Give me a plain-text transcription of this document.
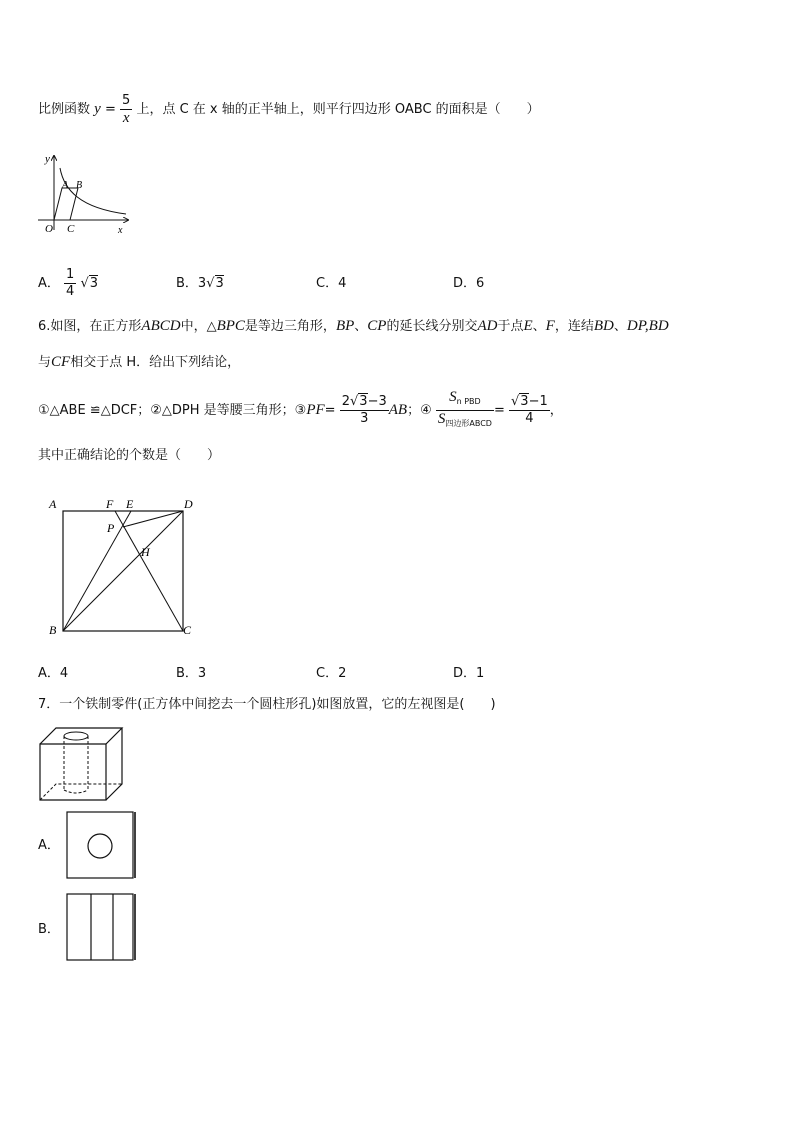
比例函数 $y = \frac{5}{x}$ 上，点 C 在 x 轴的正半轴上，则平行四边形 OABC 的面积是（　　）
y
x
O C
A B
A． $\frac{1}{4} √3$	B．3√3	C．4	D．6
6.如图，在正方形ABCD中，△BPC是等边三角形，BP、CP的延长线分别交AD于点E、F，连结BD、DP,BD
与CF相交于点 H．给出下列结论，
①△ABE ≌△DCF；②△DPH 是等腰三角形；③PF= $\frac{2√3-3}{3}$ AB；④ $\frac{S_{n PBD}}{S_{四边形ABCD}} = \frac{√3-1}{4}$ ，
其中正确结论的个数是（　　）
A	F E	D
P
H
B	C
A．4	B．3	C．2	D．1
7．一个铁制零件(正方体中间挖去一个圆柱形孔)如图放置，它的左视图是(　　)
A．
B．
